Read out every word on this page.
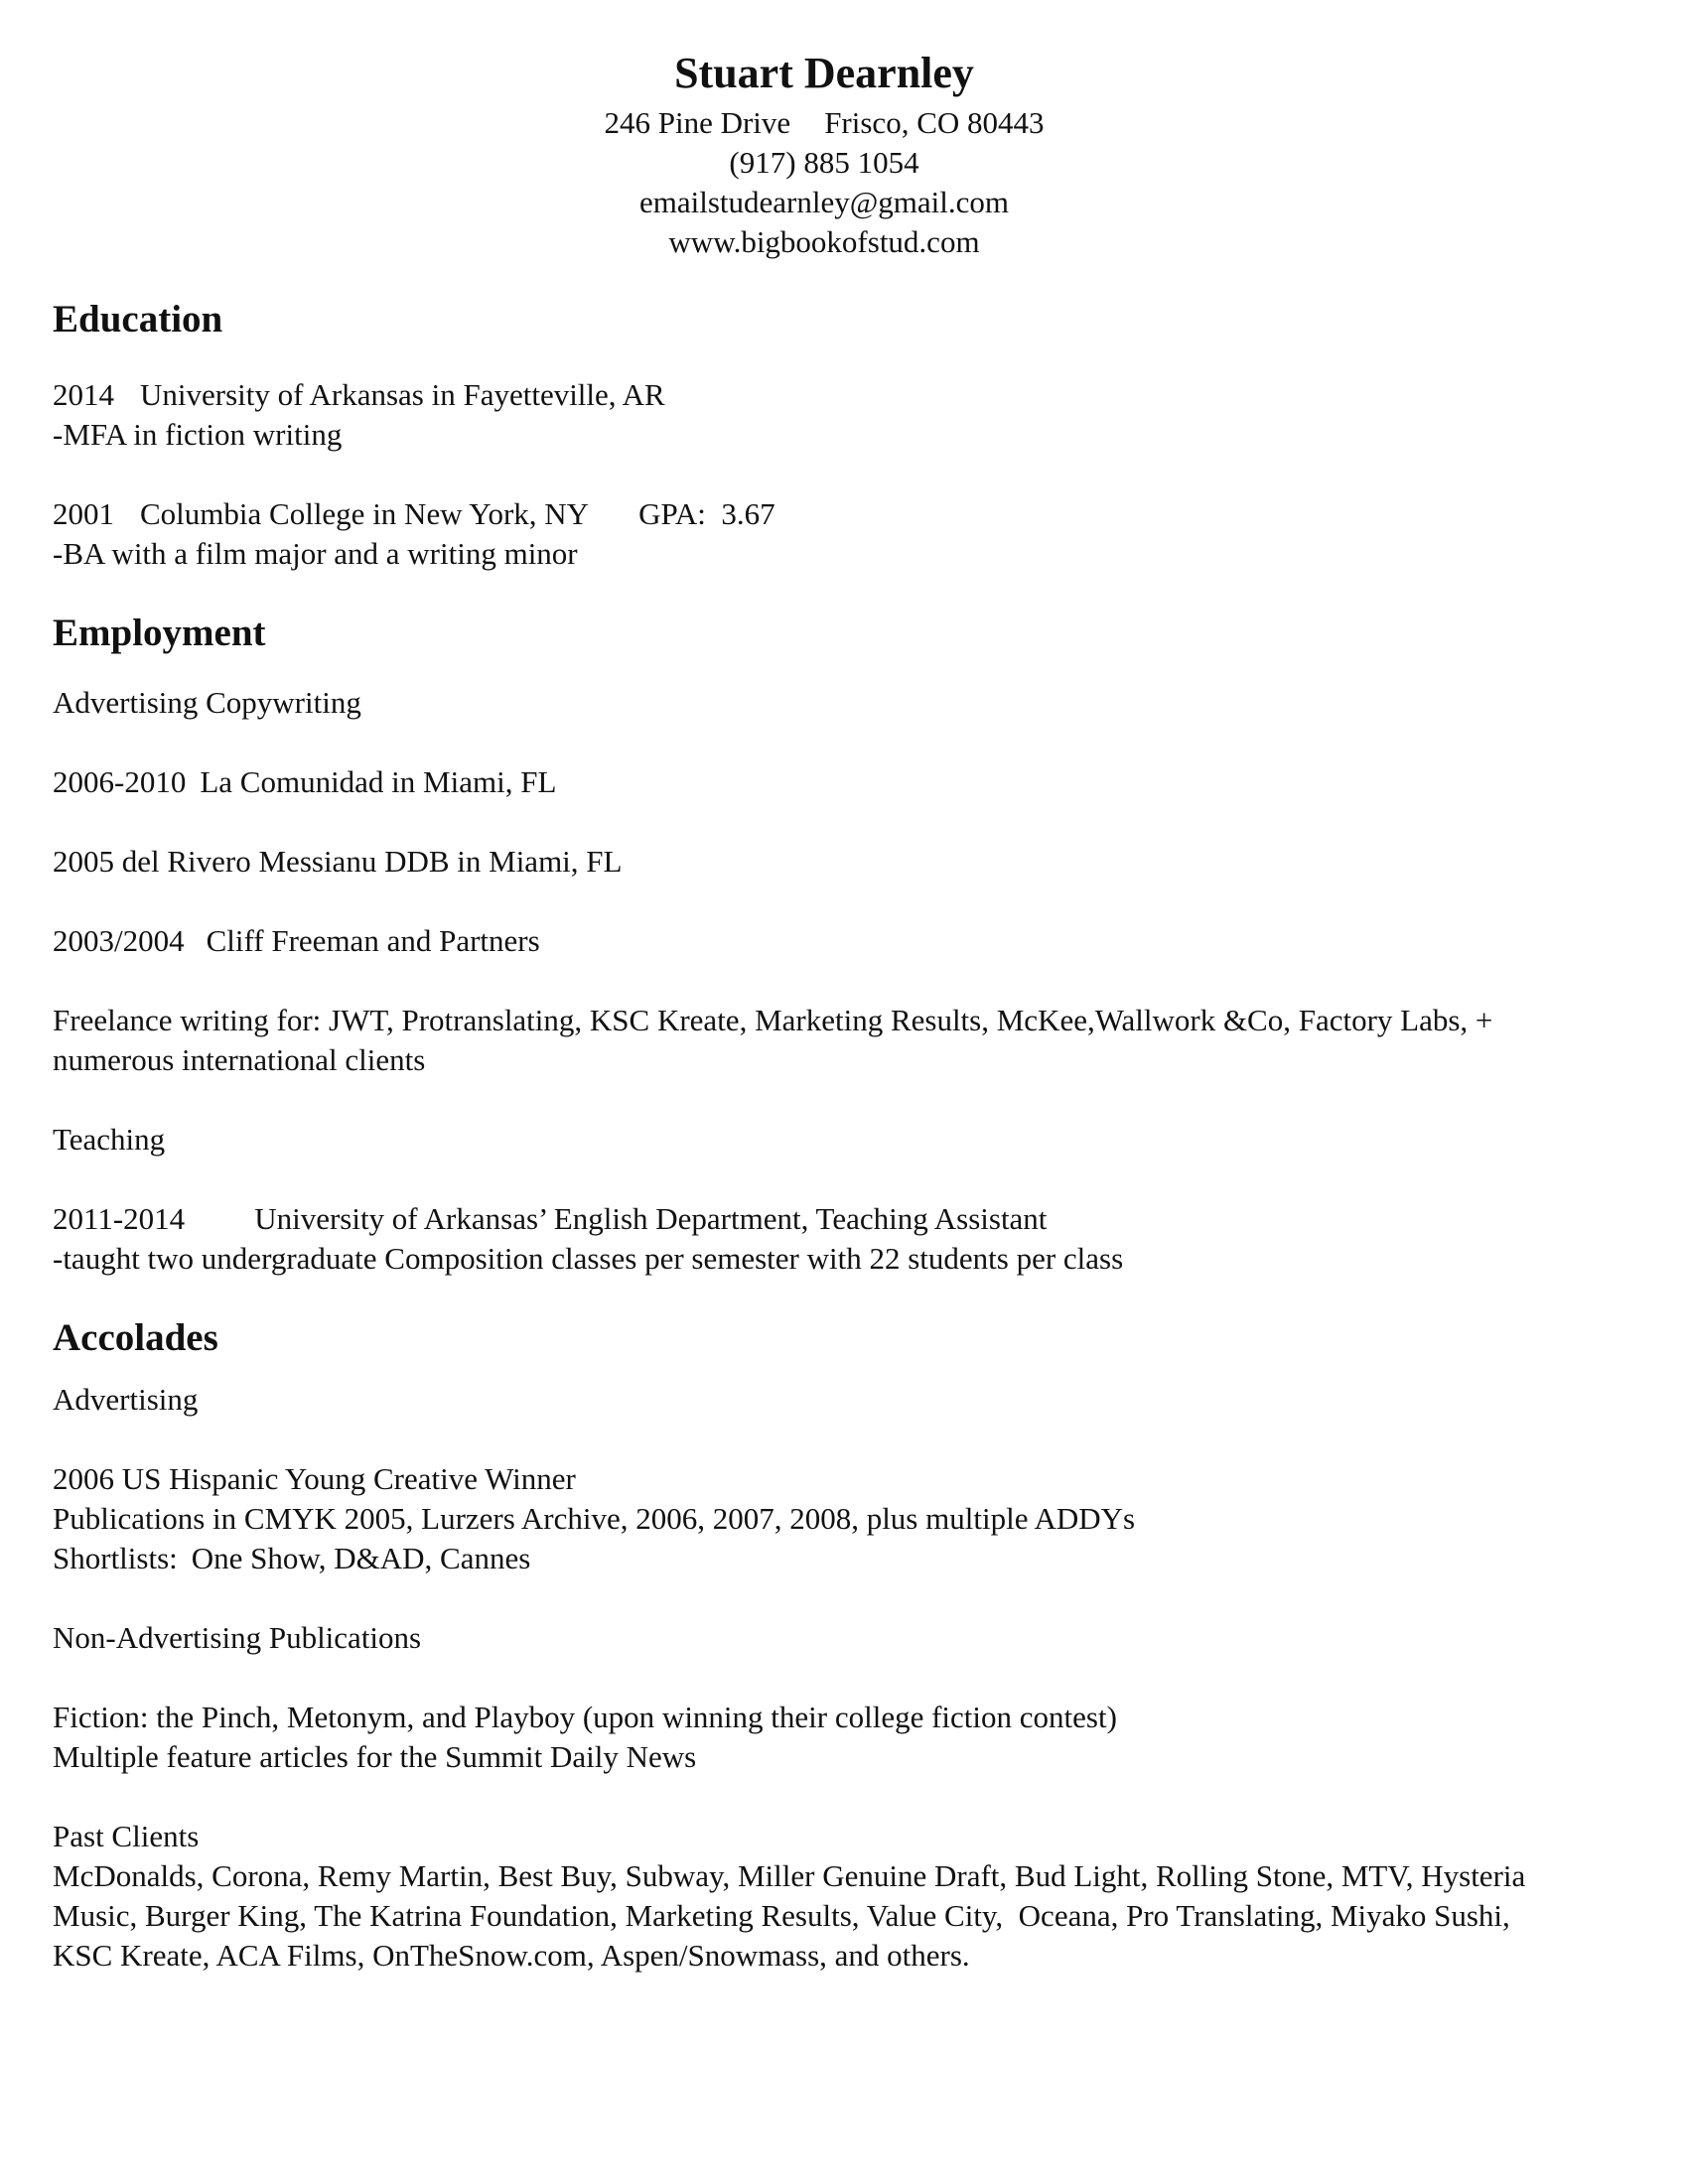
Stuart Dearnley

246 Pine Drive Frisco, CO 80443

(917) 885 1054

emailstudearnley@gmail.com

www.bigbookofstud.com

Education

2014 University of Arkansas in Fayetteville, AR

-MFA in fiction writing

2001 Columbia College in New York, NY GPA:  3.67

-BA with a film major and a writing minor

Employment

Advertising Copywriting

2006-2010 La Comunidad in Miami, FL

2005 del Rivero Messianu DDB in Miami, FL

2003/2004 Cliff Freeman and Partners

Freelance writing for: JWT, Protranslating, KSC Kreate, Marketing Results, McKee,Wallwork &Co, Factory Labs, +

numerous international clients

Teaching

2011-2014 University of Arkansas’ English Department, Teaching Assistant

-taught two undergraduate Composition classes per semester with 22 students per class

Accolades

Advertising

2006 US Hispanic Young Creative Winner

Publications in CMYK 2005, Lurzers Archive, 2006, 2007, 2008, plus multiple ADDYs

Shortlists: One Show, D&AD, Cannes

Non-Advertising Publications

Fiction: the Pinch, Metonym, and Playboy (upon winning their college fiction contest)

Multiple feature articles for the Summit Daily News

Past Clients

McDonalds, Corona, Remy Martin, Best Buy, Subway, Miller Genuine Draft, Bud Light, Rolling Stone, MTV, Hysteria

Music, Burger King, The Katrina Foundation, Marketing Results, Value City,  Oceana, Pro Translating, Miyako Sushi,

KSC Kreate, ACA Films, OnTheSnow.com, Aspen/Snowmass, and others.
